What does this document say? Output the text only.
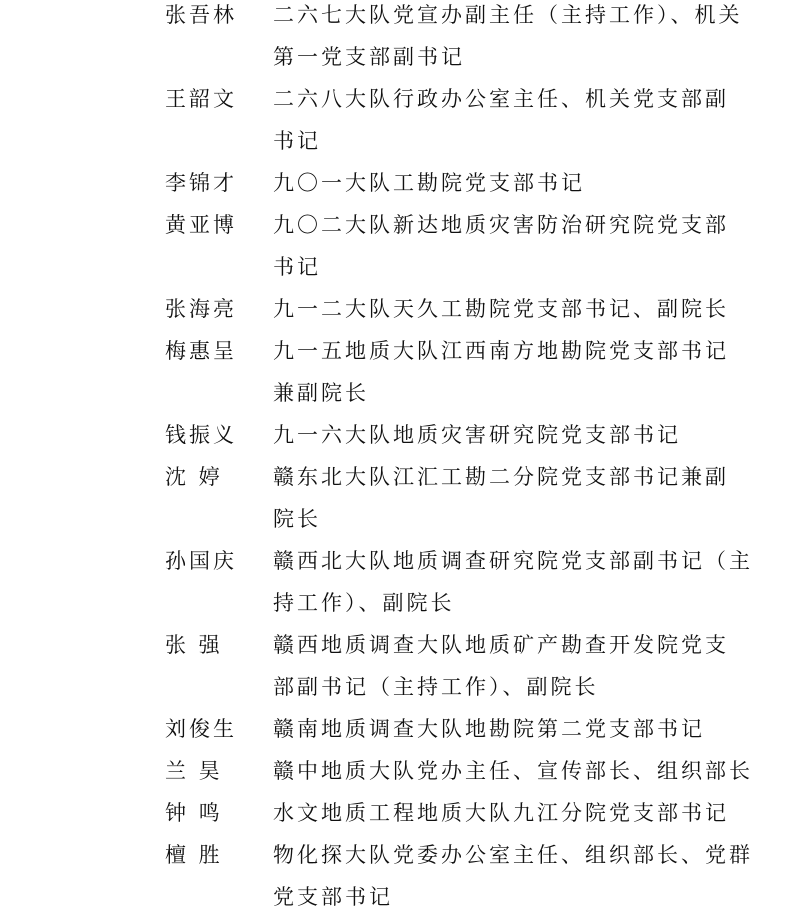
张吾林	二六七大队党宣办副主任（主持工作）、机关
第一党支部副书记
王韶文	二六八大队行政办公室主任、机关党支部副
书记
李锦才	九〇一大队工勘院党支部书记
黄亚博	九〇二大队新达地质灾害防治研究院党支部
书记
张海亮	九一二大队天久工勘院党支部书记、副院长
梅惠呈	九一五地质大队江西南方地勘院党支部书记
兼副院长
钱振义	九一六大队地质灾害研究院党支部书记
沈 婷	赣东北大队江汇工勘二分院党支部书记兼副
院长
孙国庆	赣西北大队地质调查研究院党支部副书记（主
持工作）、副院长
张 强	赣西地质调查大队地质矿产勘查开发院党支
部副书记（主持工作）、副院长
刘俊生	赣南地质调查大队地勘院第二党支部书记
兰 昊	赣中地质大队党办主任、宣传部长、组织部长
钟 鸣	水文地质工程地质大队九江分院党支部书记
檀 胜	物化探大队党委办公室主任、组织部长、党群
党支部书记
